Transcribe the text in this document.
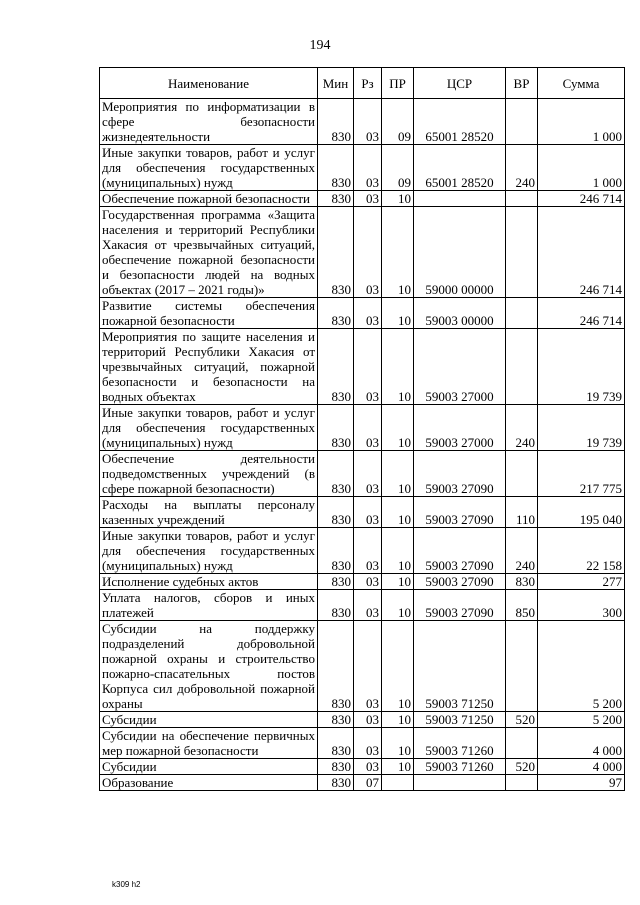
194
Наименование	Мин	Рз	ПР	ЦСР	ВР	Сумма
Мероприятия по информатизации в сфере безопасности жизнедеятельности	830	03	09	65001 28520		1 000
Иные закупки товаров, работ и услуг для обеспечения государственных (муниципальных) нужд	830	03	09	65001 28520	240	1 000
Обеспечение пожарной безопасности	830	03	10			246 714
Государственная программа «Защита населения и территорий Республики Хакасия от чрезвычайных ситуаций, обеспечение пожарной безопасности и безопасности людей на водных объектах (2017 – 2021 годы)»	830	03	10	59000 00000		246 714
Развитие системы обеспечения пожарной безопасности	830	03	10	59003 00000		246 714
Мероприятия по защите населения и территорий Республики Хакасия от чрезвычайных ситуаций, пожарной безопасности и безопасности на водных объектах	830	03	10	59003 27000		19 739
Иные закупки товаров, работ и услуг для обеспечения государственных (муниципальных) нужд	830	03	10	59003 27000	240	19 739
Обеспечение деятельности подведомственных учреждений (в сфере пожарной безопасности)	830	03	10	59003 27090		217 775
Расходы на выплаты персоналу казенных учреждений	830	03	10	59003 27090	110	195 040
Иные закупки товаров, работ и услуг для обеспечения государственных (муниципальных) нужд	830	03	10	59003 27090	240	22 158
Исполнение судебных актов	830	03	10	59003 27090	830	277
Уплата налогов, сборов и иных платежей	830	03	10	59003 27090	850	300
Субсидии на поддержку подразделений добровольной пожарной охраны и строительство пожарно-спасательных постов Корпуса сил добровольной пожарной охраны	830	03	10	59003 71250		5 200
Субсидии	830	03	10	59003 71250	520	5 200
Субсидии на обеспечение первичных мер пожарной безопасности	830	03	10	59003 71260		4 000
Субсидии	830	03	10	59003 71260	520	4 000
Образование	830	07				97
k309 h2
